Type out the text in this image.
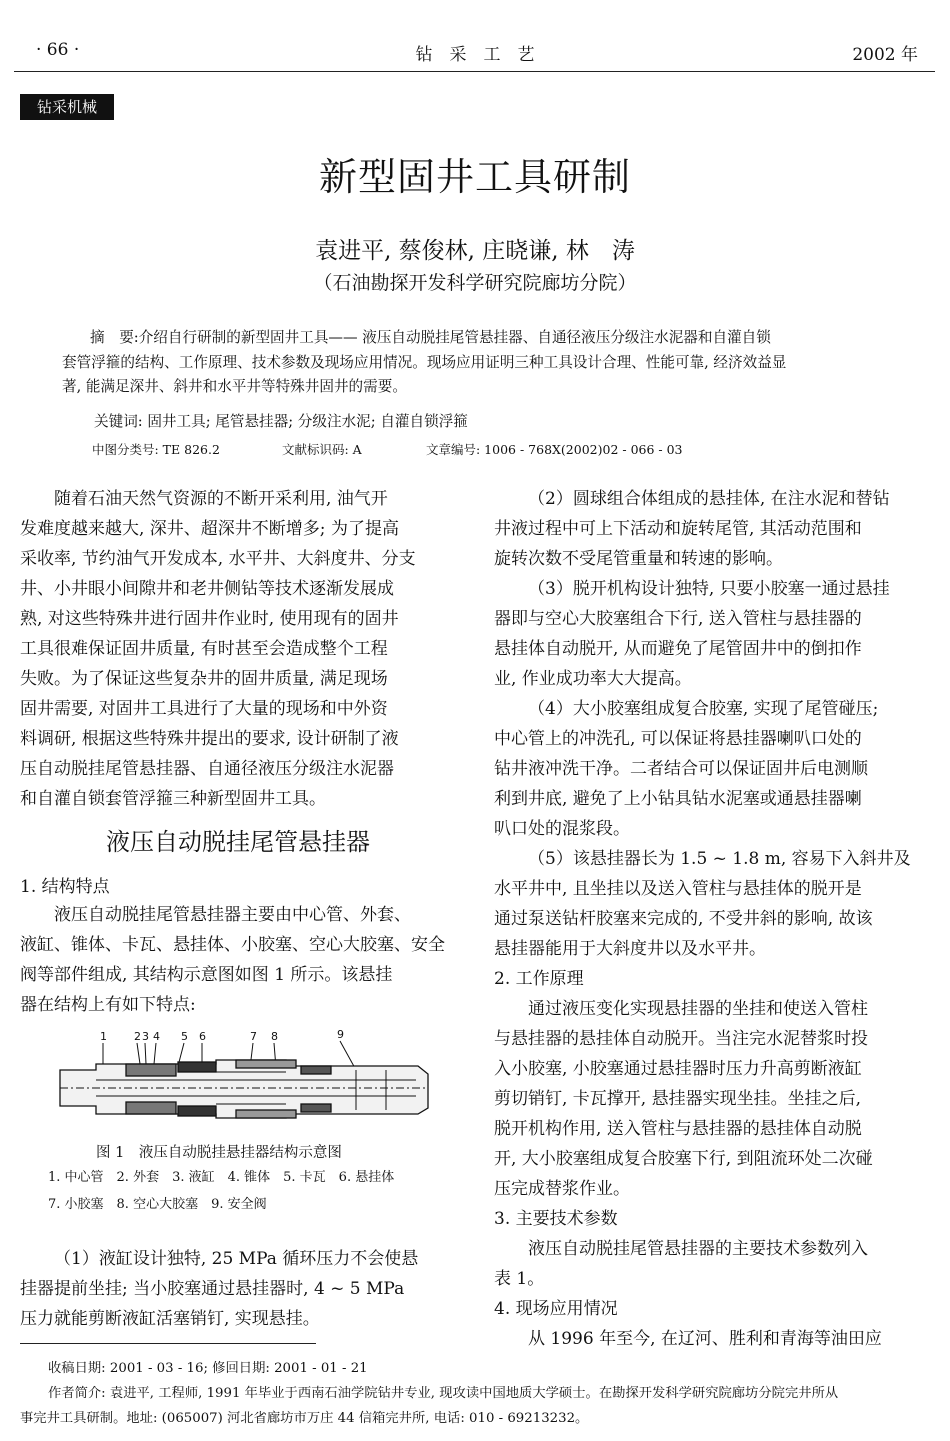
· 66 ·	钻　采　工　艺	2002 年
钻采机械
新型固井工具研制
袁进平, 蔡俊林, 庄晓谦, 林　涛
（石油勘探开发科学研究院廊坊分院）
摘　要:介绍自行研制的新型固井工具—— 液压自动脱挂尾管悬挂器、自通径液压分级注水泥器和自灌自锁
套管浮箍的结构、工作原理、技术参数及现场应用情况。现场应用证明三种工具设计合理、性能可靠, 经济效益显
著, 能满足深井、斜井和水平井等特殊井固井的需要。
关键词: 固井工具; 尾管悬挂器; 分级注水泥; 自灌自锁浮箍
中图分类号: TE 826.2	文献标识码: A	文章编号: 1006 - 768X(2002)02 - 066 - 03

随着石油天然气资源的不断开采利用, 油气开

发难度越来越大, 深井、超深井不断增多; 为了提高

采收率, 节约油气开发成本, 水平井、大斜度井、分支

井、小井眼小间隙井和老井侧钻等技术逐渐发展成

熟, 对这些特殊井进行固井作业时, 使用现有的固井

工具很难保证固井质量, 有时甚至会造成整个工程

失败。为了保证这些复杂井的固井质量, 满足现场

固井需要, 对固井工具进行了大量的现场和中外资

料调研, 根据这些特殊井提出的要求, 设计研制了液

压自动脱挂尾管悬挂器、自通径液压分级注水泥器

和自灌自锁套管浮箍三种新型固井工具。

液压自动脱挂尾管悬挂器
1. 结构特点

液压自动脱挂尾管悬挂器主要由中心管、外套、

液缸、锥体、卡瓦、悬挂体、小胶塞、空心大胶塞、安全

阀等部件组成, 其结构示意图如图 1 所示。该悬挂

器在结构上有如下特点:

1 2 3 4 5 6	7 8	9
图 1　液压自动脱挂悬挂器结构示意图
1. 中心管　2. 外套　3. 液缸　4. 锥体　5. 卡瓦　6. 悬挂体
7. 小胶塞　8. 空心大胶塞　9. 安全阀

（1）液缸设计独特, 25 MPa 循环压力不会使悬

挂器提前坐挂; 当小胶塞通过悬挂器时, 4 ~ 5 MPa

压力就能剪断液缸活塞销钉, 实现悬挂。

（2）圆球组合体组成的悬挂体, 在注水泥和替钻

井液过程中可上下活动和旋转尾管, 其活动范围和

旋转次数不受尾管重量和转速的影响。

（3）脱开机构设计独特, 只要小胶塞一通过悬挂

器即与空心大胶塞组合下行, 送入管柱与悬挂器的

悬挂体自动脱开, 从而避免了尾管固井中的倒扣作

业, 作业成功率大大提高。

（4）大小胶塞组成复合胶塞, 实现了尾管碰压;

中心管上的冲洗孔, 可以保证将悬挂器喇叭口处的

钻井液冲洗干净。二者结合可以保证固井后电测顺

利到井底, 避免了上小钻具钻水泥塞或通悬挂器喇

叭口处的混浆段。

（5）该悬挂器长为 1.5 ~ 1.8 m, 容易下入斜井及

水平井中, 且坐挂以及送入管柱与悬挂体的脱开是

通过泵送钻杆胶塞来完成的, 不受井斜的影响, 故该

悬挂器能用于大斜度井以及水平井。

2. 工作原理

通过液压变化实现悬挂器的坐挂和使送入管柱

与悬挂器的悬挂体自动脱开。当注完水泥替浆时投

入小胶塞, 小胶塞通过悬挂器时压力升高剪断液缸

剪切销钉, 卡瓦撑开, 悬挂器实现坐挂。坐挂之后,

脱开机构作用, 送入管柱与悬挂器的悬挂体自动脱

开, 大小胶塞组成复合胶塞下行, 到阻流环处二次碰

压完成替浆作业。

3. 主要技术参数

液压自动脱挂尾管悬挂器的主要技术参数列入

表 1。

4. 现场应用情况

从 1996 年至今, 在辽河、胜利和青海等油田应

收稿日期: 2001 - 03 - 16; 修回日期: 2001 - 01 - 21
作者简介: 袁进平, 工程师, 1991 年毕业于西南石油学院钻井专业, 现攻读中国地质大学硕士。在勘探开发科学研究院廊坊分院完井所从
事完井工具研制。地址: (065007) 河北省廊坊市万庄 44 信箱完井所, 电话: 010 - 69213232。
